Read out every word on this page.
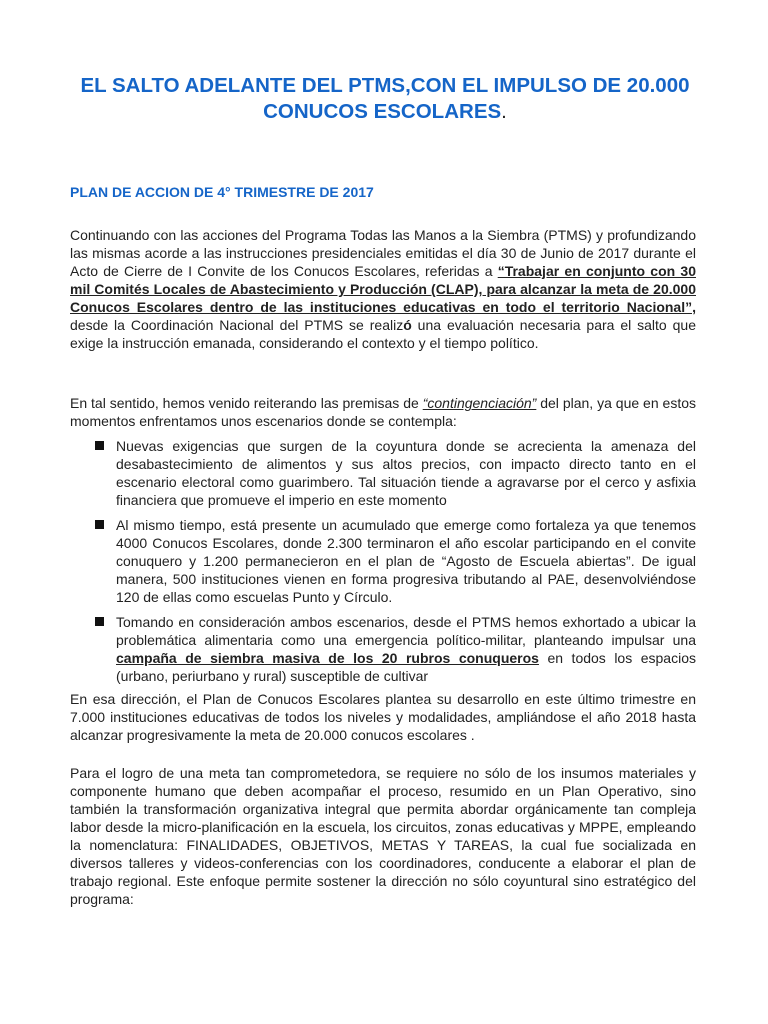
EL SALTO ADELANTE DEL PTMS,CON EL IMPULSO DE 20.000 CONUCOS ESCOLARES.
PLAN DE ACCION DE 4° TRIMESTRE DE 2017

Continuando con las acciones del Programa Todas las Manos a la Siembra (PTMS) y profundizando las mismas acorde a las instrucciones presidenciales emitidas el día 30 de Junio de 2017 durante el Acto de Cierre de I Convite de los Conucos Escolares, referidas a “Trabajar en conjunto con 30 mil Comités Locales de Abastecimiento y Producción (CLAP), para alcanzar la meta de 20.000 Conucos Escolares dentro de las instituciones educativas en todo el territorio Nacional”, desde la Coordinación Nacional del PTMS se realizó una evaluación necesaria para el salto que exige la instrucción emanada, considerando el contexto y el tiempo político.

En tal sentido, hemos venido reiterando las premisas de “contingenciación” del plan, ya que en estos momentos enfrentamos unos escenarios donde se contempla:

Nuevas exigencias que surgen de la coyuntura donde se acrecienta la amenaza del desabastecimiento de alimentos y sus altos precios, con impacto directo tanto en el escenario electoral como guarimbero. Tal situación tiende a agravarse por el cerco y asfixia financiera que promueve el imperio en este momento

Al mismo tiempo, está presente un acumulado que emerge como fortaleza ya que tenemos 4000 Conucos Escolares, donde 2.300 terminaron el año escolar participando en el convite conuquero y 1.200 permanecieron en el plan de “Agosto de Escuela abiertas”. De igual manera, 500 instituciones vienen en forma progresiva tributando al PAE, desenvolviéndose 120 de ellas como escuelas Punto y Círculo.

Tomando en consideración ambos escenarios, desde el PTMS hemos exhortado a ubicar la problemática alimentaria como una emergencia político-militar, planteando impulsar una campaña de siembra masiva de los 20 rubros conuqueros en todos los espacios (urbano, periurbano y rural) susceptible de cultivar

En esa dirección, el Plan de Conucos Escolares plantea su desarrollo en este último trimestre en 7.000 instituciones educativas de todos los niveles y modalidades, ampliándose el año 2018 hasta alcanzar progresivamente la meta de 20.000 conucos escolares .

Para el logro de una meta tan comprometedora, se requiere no sólo de los insumos materiales y componente humano que deben acompañar el proceso, resumido en un Plan Operativo, sino también la transformación organizativa integral que permita abordar orgánicamente tan compleja labor desde la micro-planificación en la escuela, los circuitos, zonas educativas y MPPE, empleando la nomenclatura: FINALIDADES, OBJETIVOS, METAS Y TAREAS, la cual fue socializada en diversos talleres y videos-conferencias con los coordinadores, conducente a elaborar el plan de trabajo regional. Este enfoque permite sostener la dirección no sólo coyuntural sino estratégico del programa:
